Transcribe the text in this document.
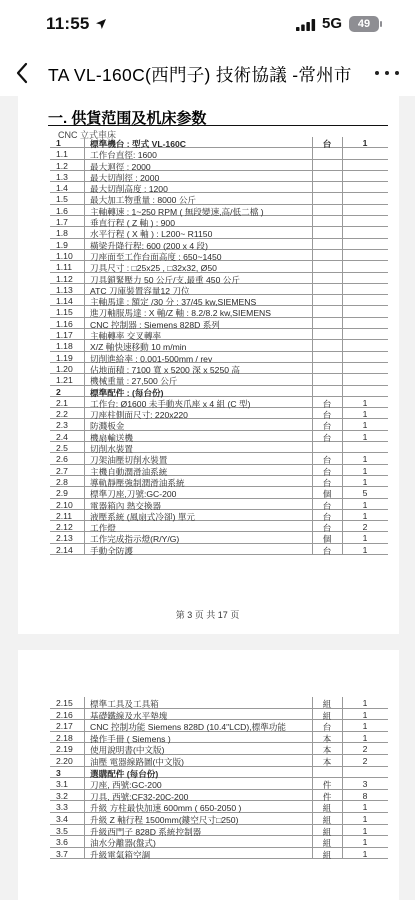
11:55	5G	49
TA VL-160C(西門子) 技術協議 -常州市
一. 供貨范围及机床参数
CNC 立式車床
1	標準機台 : 型式 VL-160C	台	1
1.1	工作台直徑: 1600
1.2	最大迴徑 : 2000
1.3	最大切削徑 : 2000
1.4	最大切削高度 : 1200
1.5	最大加工物重量 : 8000 公斤
1.6	主軸轉速 : 1~250 RPM ( 無段變速,高/低二檔 )
1.7	垂直行程 ( Z 軸 ) : 900
1.8	水平行程 ( X 軸 ) : L200~ R1150
1.9	橫梁升降行程: 600 (200 x 4 段)
1.10	刀座面至工作台面高度 : 650~1450
1.11	刀具尺寸 : □25x25 , □32x32, Ø50
1.12	刀具鎖緊壓力 50 公斤/支,最重 450 公斤
1.13	ATC 刀庫裝置容量12 刀位
1.14	主軸馬達 : 額定 /30 分 : 37/45 kw,SIEMENS
1.15	進刀軸服馬達 : X 軸/Z 軸 : 8.2/8.2 kw,SIEMENS
1.16	CNC 控制器 : Siemens 828D 系列
1.17	主軸轉率 交叉轉率
1.18	X/Z 軸快速移動 10 m/min
1.19	切削進給率 : 0.001-500mm / rev
1.20	佔地面積 : 7100 寬 x 5200 深 x 5250 高
1.21	機械重量 : 27,500 公斤
2	標準配件 : (每台份)
2.1	工作台: Ø1600 未手動夾爪座 x 4 組 (C 型)	台	1
2.2	刀座柱側面尺寸: 220x220	台	1
2.3	防濺板金	台	1
2.4	機扇輸送機	台	1
2.5	切削水裝置
2.6	刀架油壓切削水裝置	台	1
2.7	主機自動潤滑油系統	台	1
2.8	導軌靜壓強制潤滑油系統	台	1
2.9	標準刀座,刀號:GC-200	個	5
2.10	電器箱內 熱交換器	台	1
2.11	液壓系統 (風扇式冷卻) 單元	台	1
2.12	工作燈	台	2
2.13	工作完成指示燈(R/Y/G)	個	1
2.14	手動全防護	台	1
第 3 页 共 17 页
2.15	標準工具及工具箱	組	1
2.16	基礎鐵線及水平墊塊	組	1
2.17	CNC 控制功能 Siemens 828D (10.4"LCD),標準功能	台	1
2.18	操作手冊 ( Siemens )	本	1
2.19	使用說明書(中文版)	本	2
2.20	油壓 電器線路圖(中文版)	本	2
3	選購配件 (每台份)
3.1	刀座, 西號:GC-200	件	3
3.2	刀具, 西號:CF32-20C-200	件	8
3.3	升級 方柱最快加速 600mm ( 650-2050 )	組	1
3.4	升級 Z 軸行程 1500mm(鏤空尺寸□250)	組	1
3.5	升級西門子 828D 系統控制器	組	1
3.6	油水分離器(盤式)	組	1
3.7	升級電氣箱空調	組	1
